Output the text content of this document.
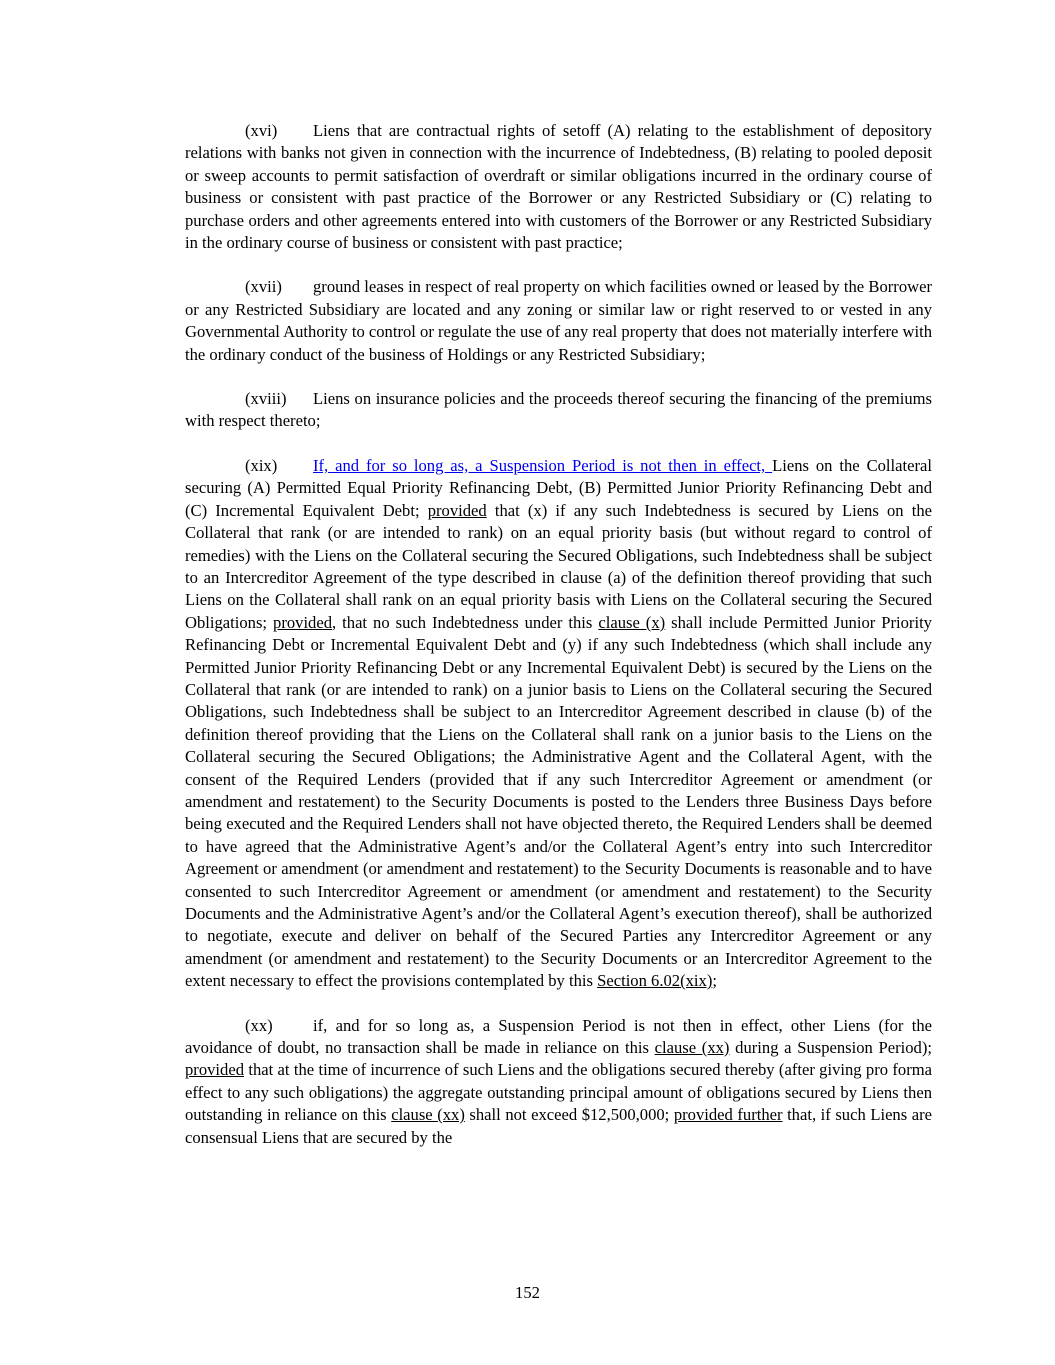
(xvi) Liens that are contractual rights of setoff (A) relating to the establishment of depository relations with banks not given in connection with the incurrence of Indebtedness, (B) relating to pooled deposit or sweep accounts to permit satisfaction of overdraft or similar obligations incurred in the ordinary course of business or consistent with past practice of the Borrower or any Restricted Subsidiary or (C) relating to purchase orders and other agreements entered into with customers of the Borrower or any Restricted Subsidiary in the ordinary course of business or consistent with past practice;

(xvii) ground leases in respect of real property on which facilities owned or leased by the Borrower or any Restricted Subsidiary are located and any zoning or similar law or right reserved to or vested in any Governmental Authority to control or regulate the use of any real property that does not materially interfere with the ordinary conduct of the business of Holdings or any Restricted Subsidiary;

(xviii) Liens on insurance policies and the proceeds thereof securing the financing of the premiums with respect thereto;

(xix) If, and for so long as, a Suspension Period is not then in effect, Liens on the Collateral securing (A) Permitted Equal Priority Refinancing Debt, (B) Permitted Junior Priority Refinancing Debt and (C) Incremental Equivalent Debt; provided that (x) if any such Indebtedness is secured by Liens on the Collateral that rank (or are intended to rank) on an equal priority basis (but without regard to control of remedies) with the Liens on the Collateral securing the Secured Obligations, such Indebtedness shall be subject to an Intercreditor Agreement of the type described in clause (a) of the definition thereof providing that such Liens on the Collateral shall rank on an equal priority basis with Liens on the Collateral securing the Secured Obligations; provided, that no such Indebtedness under this clause (x) shall include Permitted Junior Priority Refinancing Debt or Incremental Equivalent Debt and (y) if any such Indebtedness (which shall include any Permitted Junior Priority Refinancing Debt or any Incremental Equivalent Debt) is secured by the Liens on the Collateral that rank (or are intended to rank) on a junior basis to Liens on the Collateral securing the Secured Obligations, such Indebtedness shall be subject to an Intercreditor Agreement described in clause (b) of the definition thereof providing that the Liens on the Collateral shall rank on a junior basis to the Liens on the Collateral securing the Secured Obligations; the Administrative Agent and the Collateral Agent, with the consent of the Required Lenders (provided that if any such Intercreditor Agreement or amendment (or amendment and restatement) to the Security Documents is posted to the Lenders three Business Days before being executed and the Required Lenders shall not have objected thereto, the Required Lenders shall be deemed to have agreed that the Administrative Agent’s and/or the Collateral Agent’s entry into such Intercreditor Agreement or amendment (or amendment and restatement) to the Security Documents is reasonable and to have consented to such Intercreditor Agreement or amendment (or amendment and restatement) to the Security Documents and the Administrative Agent’s and/or the Collateral Agent’s execution thereof), shall be authorized to negotiate, execute and deliver on behalf of the Secured Parties any Intercreditor Agreement or any amendment (or amendment and restatement) to the Security Documents or an Intercreditor Agreement to the extent necessary to effect the provisions contemplated by this Section 6.02(xix);

(xx) if, and for so long as, a Suspension Period is not then in effect, other Liens (for the avoidance of doubt, no transaction shall be made in reliance on this clause (xx) during a Suspension Period); provided that at the time of incurrence of such Liens and the obligations secured thereby (after giving pro forma effect to any such obligations) the aggregate outstanding principal amount of obligations secured by Liens then outstanding in reliance on this clause (xx) shall not exceed $12,500,000; provided further that, if such Liens are consensual Liens that are secured by the

152
